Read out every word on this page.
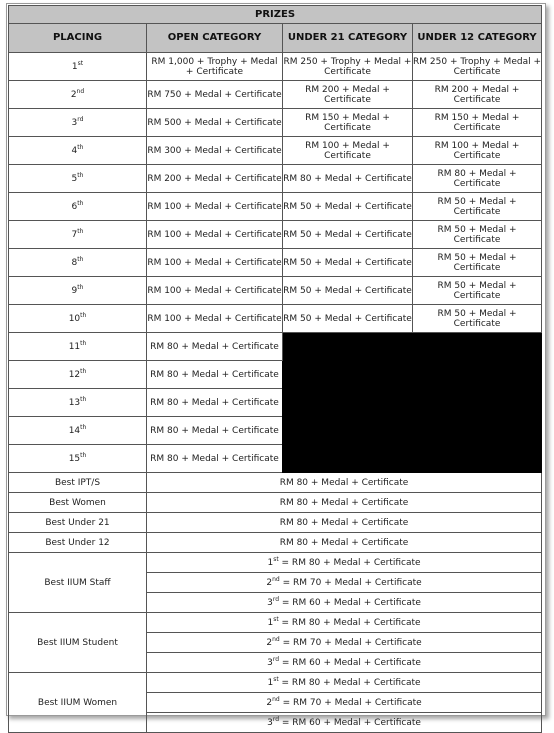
PRIZES			
PLACING	OPEN CATEGORY	UNDER 21 CATEGORY	UNDER 12 CATEGORY
1st	RM 1,000 + Trophy + Medal + Certificate	RM 250 + Trophy + Medal + Certificate	RM 250 + Trophy + Medal + Certificate
2nd	RM 750 + Medal + Certificate	RM 200 + Medal + Certificate	RM 200 + Medal + Certificate
3rd	RM 500 + Medal + Certificate	RM 150 + Medal + Certificate	RM 150 + Medal + Certificate
4th	RM 300 + Medal + Certificate	RM 100 + Medal + Certificate	RM 100 + Medal + Certificate
5th	RM 200 + Medal + Certificate	RM 80 + Medal + Certificate	RM 80 + Medal + Certificate
6th	RM 100 + Medal + Certificate	RM 50 + Medal + Certificate	RM 50 + Medal + Certificate
7th	RM 100 + Medal + Certificate	RM 50 + Medal + Certificate	RM 50 + Medal + Certificate
8th	RM 100 + Medal + Certificate	RM 50 + Medal + Certificate	RM 50 + Medal + Certificate
9th	RM 100 + Medal + Certificate	RM 50 + Medal + Certificate	RM 50 + Medal + Certificate
10th	RM 100 + Medal + Certificate	RM 50 + Medal + Certificate	RM 50 + Medal + Certificate
11th	RM 80 + Medal + Certificate		
12th	RM 80 + Medal + Certificate		
13th	RM 80 + Medal + Certificate		
14th	RM 80 + Medal + Certificate		
15th	RM 80 + Medal + Certificate		
Best IPT/S	RM 80 + Medal + Certificate		
Best Women	RM 80 + Medal + Certificate		
Best Under 21	RM 80 + Medal + Certificate		
Best Under 12	RM 80 + Medal + Certificate		
Best IIUM Staff	1st = RM 80 + Medal + Certificate		
	2nd = RM 70 + Medal + Certificate		
	3rd = RM 60 + Medal + Certificate		
Best IIUM Student	1st = RM 80 + Medal + Certificate		
	2nd = RM 70 + Medal + Certificate		
	3rd = RM 60 + Medal + Certificate		
Best IIUM Women	1st = RM 80 + Medal + Certificate		
	2nd = RM 70 + Medal + Certificate		
	3rd = RM 60 + Medal + Certificate		
